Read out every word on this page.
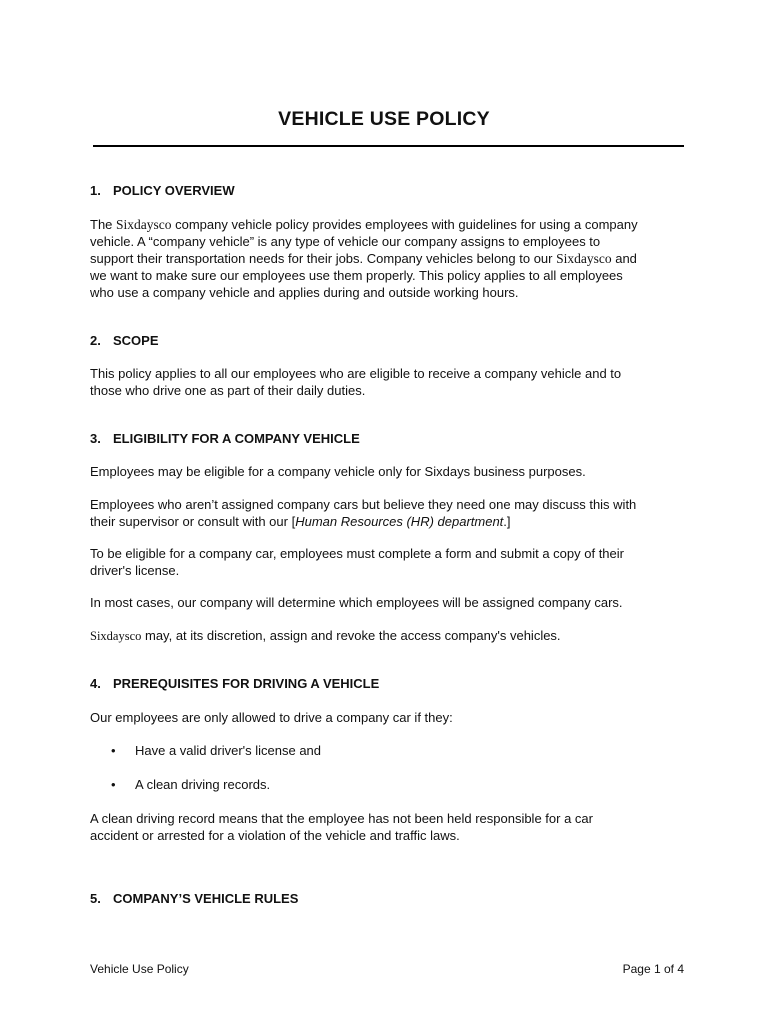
VEHICLE USE POLICY
1. POLICY OVERVIEW
The Sixdaysco company vehicle policy provides employees with guidelines for using a company
vehicle. A “company vehicle” is any type of vehicle our company assigns to employees to
support their transportation needs for their jobs. Company vehicles belong to our Sixdaysco and
we want to make sure our employees use them properly. This policy applies to all employees
who use a company vehicle and applies during and outside working hours.
2. SCOPE
This policy applies to all our employees who are eligible to receive a company vehicle and to
those who drive one as part of their daily duties.
3. ELIGIBILITY FOR A COMPANY VEHICLE
Employees may be eligible for a company vehicle only for Sixdays business purposes.
Employees who aren’t assigned company cars but believe they need one may discuss this with
their supervisor or consult with our [Human Resources (HR) department.]
To be eligible for a company car, employees must complete a form and submit a copy of their
driver's license.
In most cases, our company will determine which employees will be assigned company cars.
Sixdaysco may, at its discretion, assign and revoke the access company's vehicles.
4. PREREQUISITES FOR DRIVING A VEHICLE
Our employees are only allowed to drive a company car if they:
• Have a valid driver's license and
• A clean driving records.
A clean driving record means that the employee has not been held responsible for a car
accident or arrested for a violation of the vehicle and traffic laws.
5. COMPANY’S VEHICLE RULES
Vehicle Use Policy	Page 1 of 4
